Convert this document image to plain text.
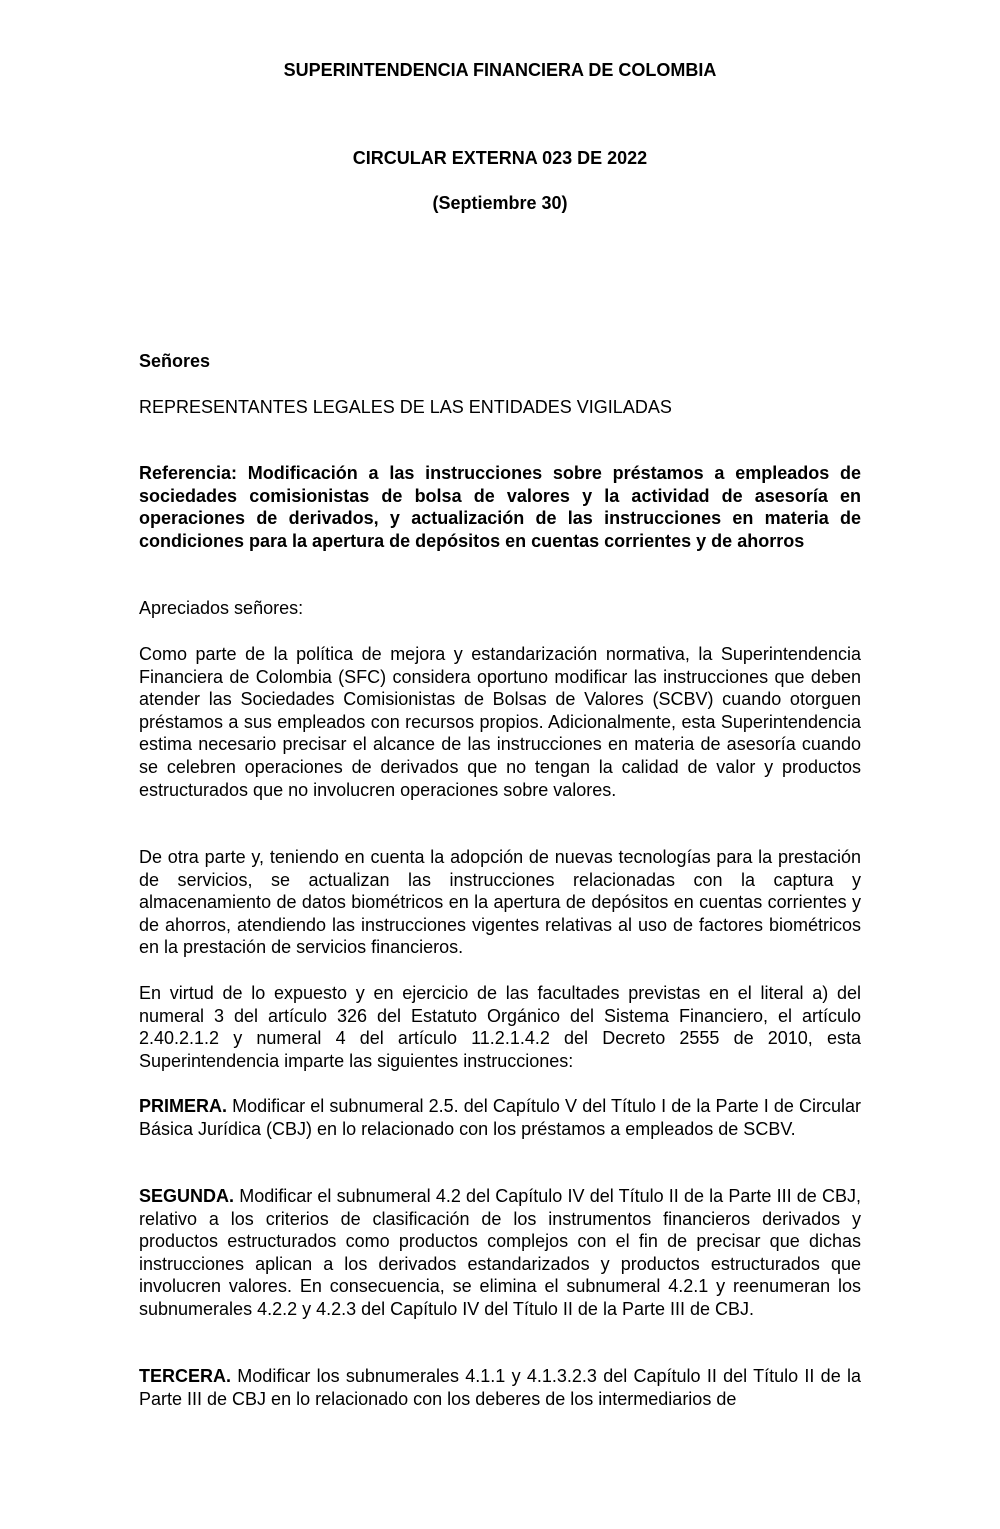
SUPERINTENDENCIA FINANCIERA DE COLOMBIA
CIRCULAR EXTERNA 023 DE 2022
(Septiembre 30)
Señores
REPRESENTANTES LEGALES DE LAS ENTIDADES VIGILADAS
Referencia: Modificación a las instrucciones sobre préstamos a empleados de sociedades comisionistas de bolsa de valores y la actividad de asesoría en operaciones de derivados, y actualización de las instrucciones en materia de condiciones para la apertura de depósitos en cuentas corrientes y de ahorros
Apreciados señores:
Como parte de la política de mejora y estandarización normativa, la Superintendencia Financiera de Colombia (SFC) considera oportuno modificar las instrucciones que deben atender las Sociedades Comisionistas de Bolsas de Valores (SCBV) cuando otorguen préstamos a sus empleados con recursos propios. Adicionalmente, esta Superintendencia estima necesario precisar el alcance de las instrucciones en materia de asesoría cuando se celebren operaciones de derivados que no tengan la calidad de valor y productos estructurados que no involucren operaciones sobre valores.
De otra parte y, teniendo en cuenta la adopción de nuevas tecnologías para la prestación de servicios, se actualizan las instrucciones relacionadas con la captura y almacenamiento de datos biométricos en la apertura de depósitos en cuentas corrientes y de ahorros, atendiendo las instrucciones vigentes relativas al uso de factores biométricos en la prestación de servicios financieros.
En virtud de lo expuesto y en ejercicio de las facultades previstas en el literal a) del numeral 3 del artículo 326 del Estatuto Orgánico del Sistema Financiero, el artículo 2.40.2.1.2 y numeral 4 del artículo 11.2.1.4.2 del Decreto 2555 de 2010, esta Superintendencia imparte las siguientes instrucciones:
PRIMERA. Modificar el subnumeral 2.5. del Capítulo V del Título I de la Parte I de Circular Básica Jurídica (CBJ) en lo relacionado con los préstamos a empleados de SCBV.
SEGUNDA. Modificar el subnumeral 4.2 del Capítulo IV del Título II de la Parte III de CBJ, relativo a los criterios de clasificación de los instrumentos financieros derivados y productos estructurados como productos complejos con el fin de precisar que dichas instrucciones aplican a los derivados estandarizados y productos estructurados que involucren valores. En consecuencia, se elimina el subnumeral 4.2.1 y reenumeran los subnumerales 4.2.2 y 4.2.3 del Capítulo IV del Título II de la Parte III de CBJ.
TERCERA. Modificar los subnumerales 4.1.1 y 4.1.3.2.3 del Capítulo II del Título II de la Parte III de CBJ en lo relacionado con los deberes de los intermediarios de
